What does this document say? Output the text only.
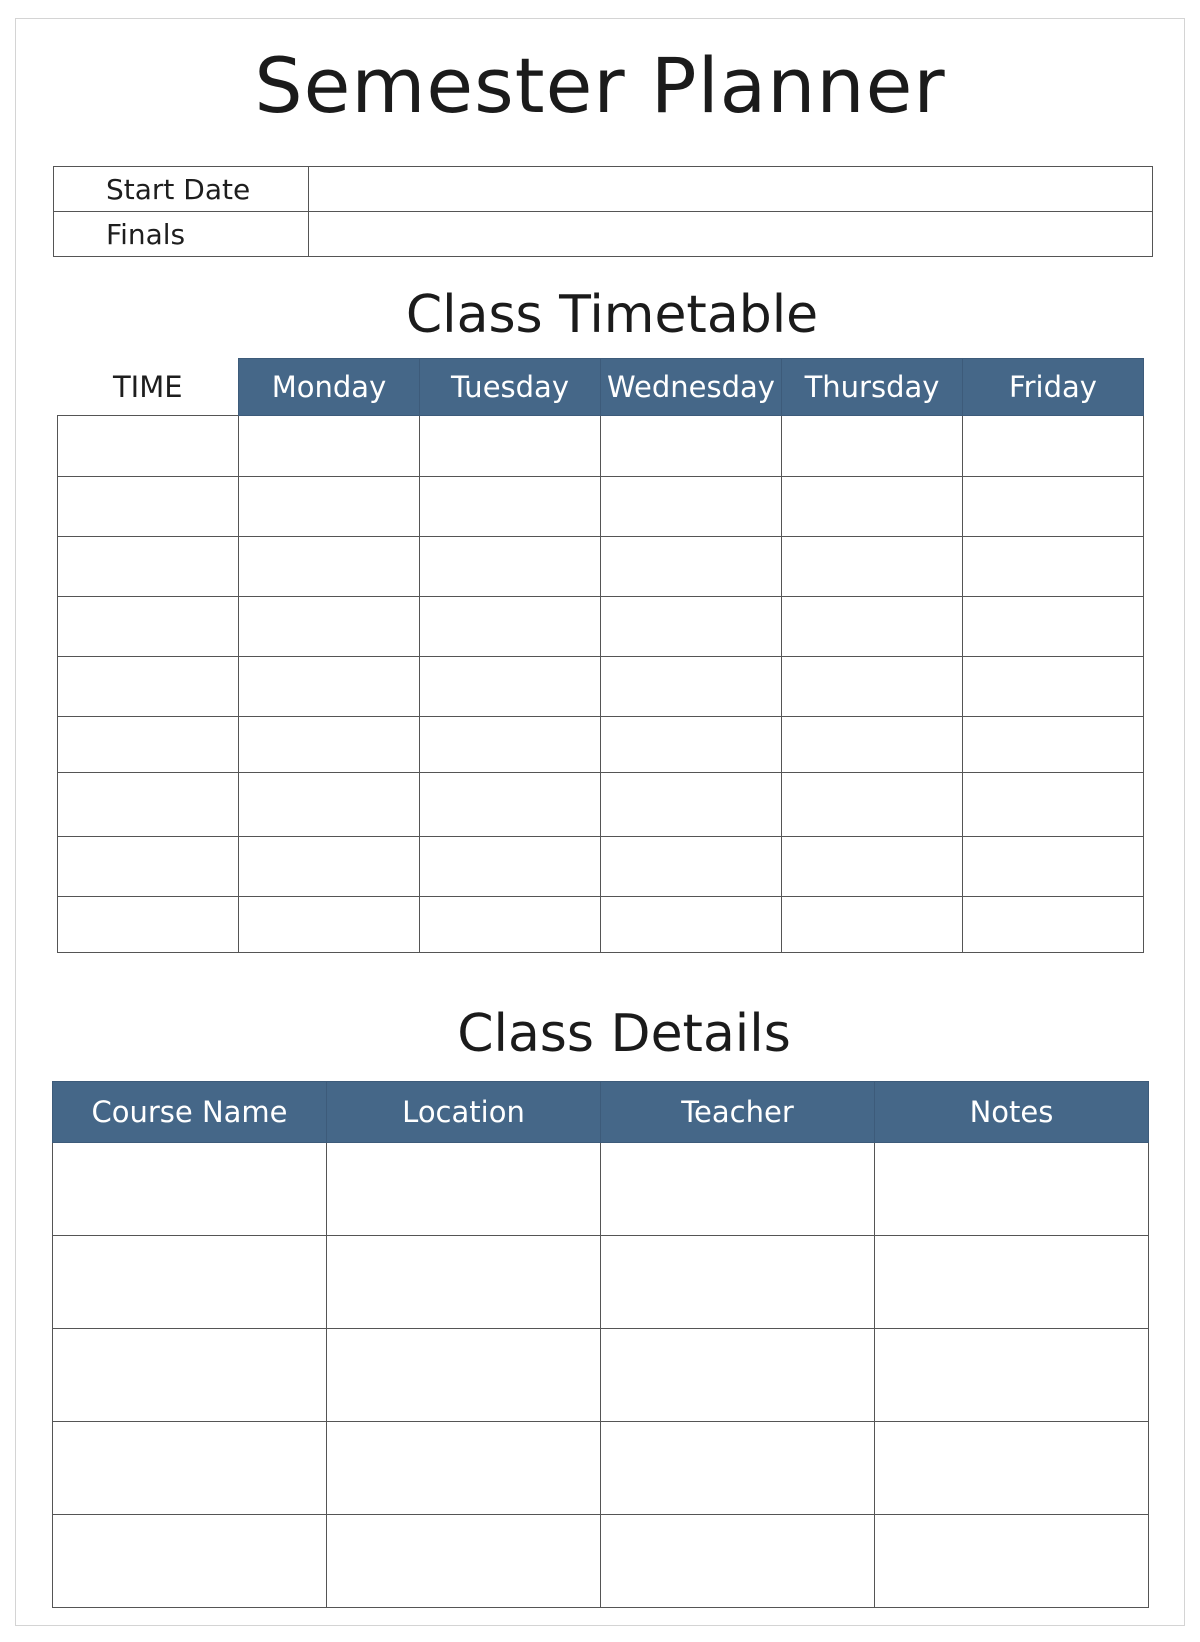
Semester Planner
Start Date	
Finals	
Class Timetable
TIME	Monday	Tuesday	Wednesday	Thursday	Friday

Class Details
Course Name	Location	Teacher	Notes
